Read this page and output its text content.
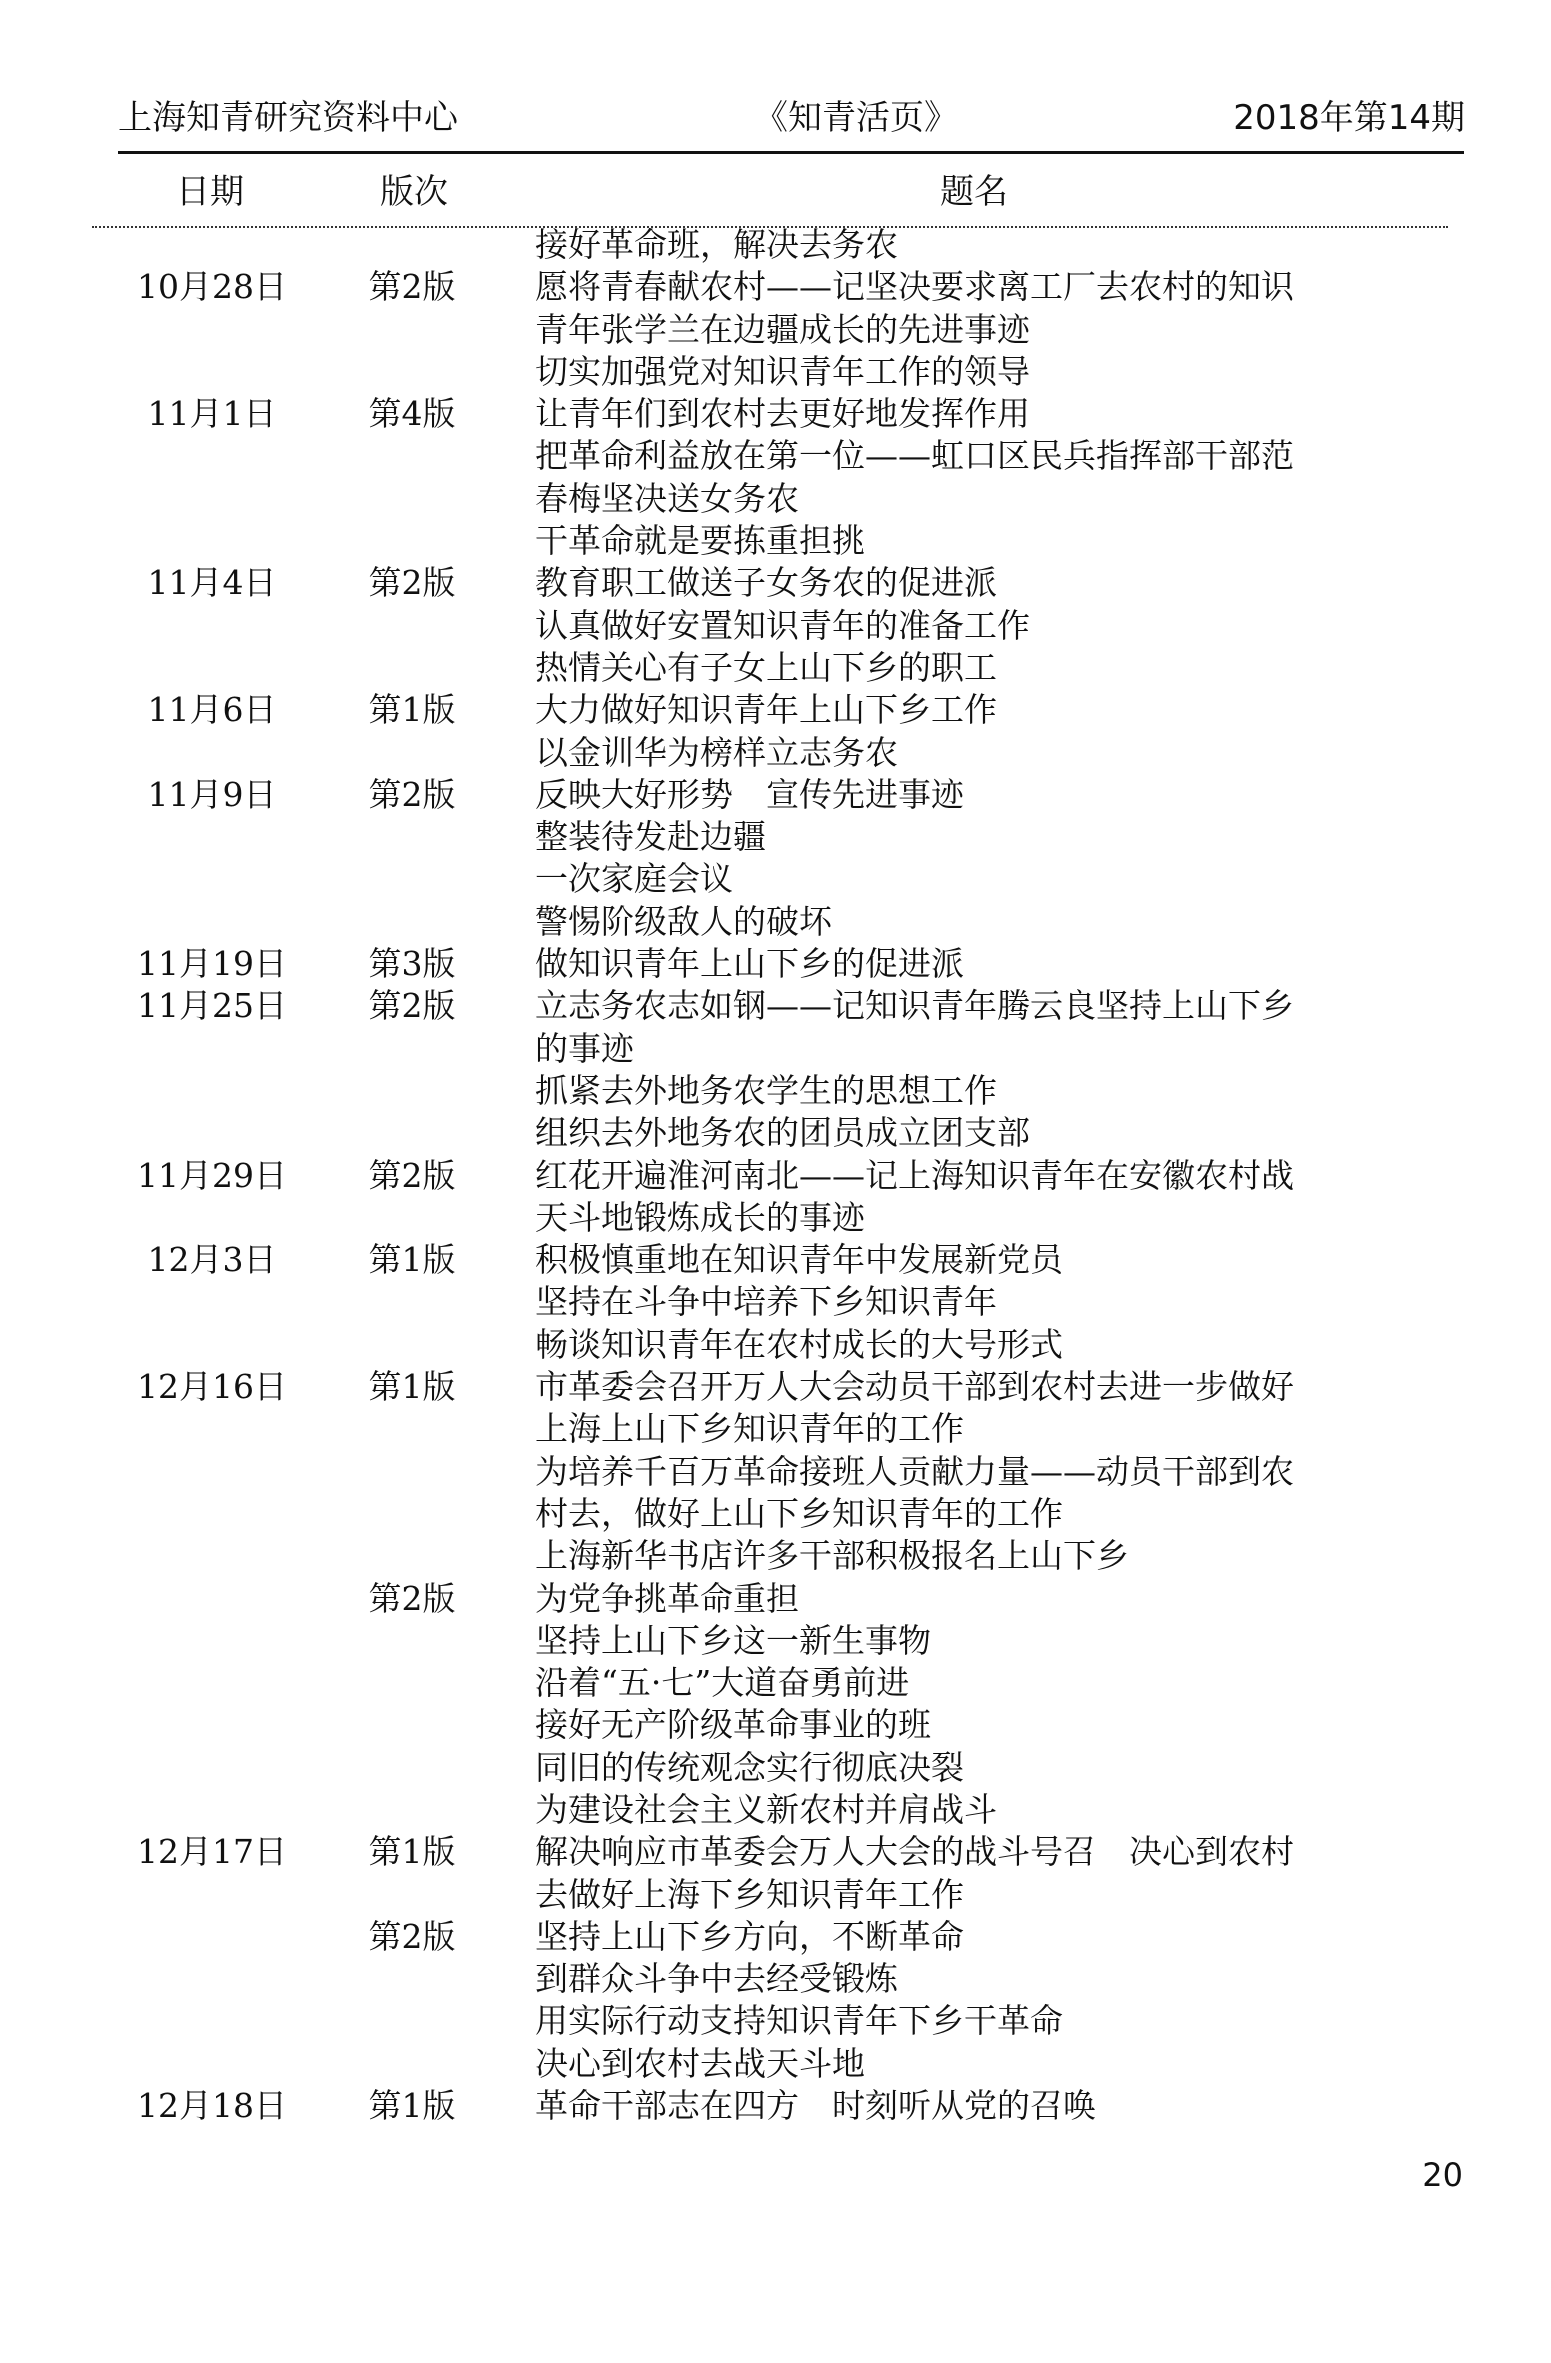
上海知青研究资料中心	《知青活页》	2018年第14期
日期	版次	题名
接好革命班，解决去务农
10月28日	第2版	愿将青春献农村——记坚决要求离工厂去农村的知识
青年张学兰在边疆成长的先进事迹
切实加强党对知识青年工作的领导
11月1日	第4版	让青年们到农村去更好地发挥作用
把革命利益放在第一位——虹口区民兵指挥部干部范
春梅坚决送女务农
干革命就是要拣重担挑
11月4日	第2版	教育职工做送子女务农的促进派
认真做好安置知识青年的准备工作
热情关心有子女上山下乡的职工
11月6日	第1版	大力做好知识青年上山下乡工作
以金训华为榜样立志务农
11月9日	第2版	反映大好形势　宣传先进事迹
整装待发赴边疆
一次家庭会议
警惕阶级敌人的破坏
11月19日	第3版	做知识青年上山下乡的促进派
11月25日	第2版	立志务农志如钢——记知识青年腾云良坚持上山下乡
的事迹
抓紧去外地务农学生的思想工作
组织去外地务农的团员成立团支部
11月29日	第2版	红花开遍淮河南北——记上海知识青年在安徽农村战
天斗地锻炼成长的事迹
12月3日	第1版	积极慎重地在知识青年中发展新党员
坚持在斗争中培养下乡知识青年
畅谈知识青年在农村成长的大号形式
12月16日	第1版	市革委会召开万人大会动员干部到农村去进一步做好
上海上山下乡知识青年的工作
为培养千百万革命接班人贡献力量——动员干部到农
村去，做好上山下乡知识青年的工作
上海新华书店许多干部积极报名上山下乡
第2版	为党争挑革命重担
坚持上山下乡这一新生事物
沿着“五·七”大道奋勇前进
接好无产阶级革命事业的班
同旧的传统观念实行彻底决裂
为建设社会主义新农村并肩战斗
12月17日	第1版	解决响应市革委会万人大会的战斗号召　决心到农村
去做好上海下乡知识青年工作
第2版	坚持上山下乡方向，不断革命
到群众斗争中去经受锻炼
用实际行动支持知识青年下乡干革命
决心到农村去战天斗地
12月18日	第1版	革命干部志在四方　时刻听从党的召唤
20
